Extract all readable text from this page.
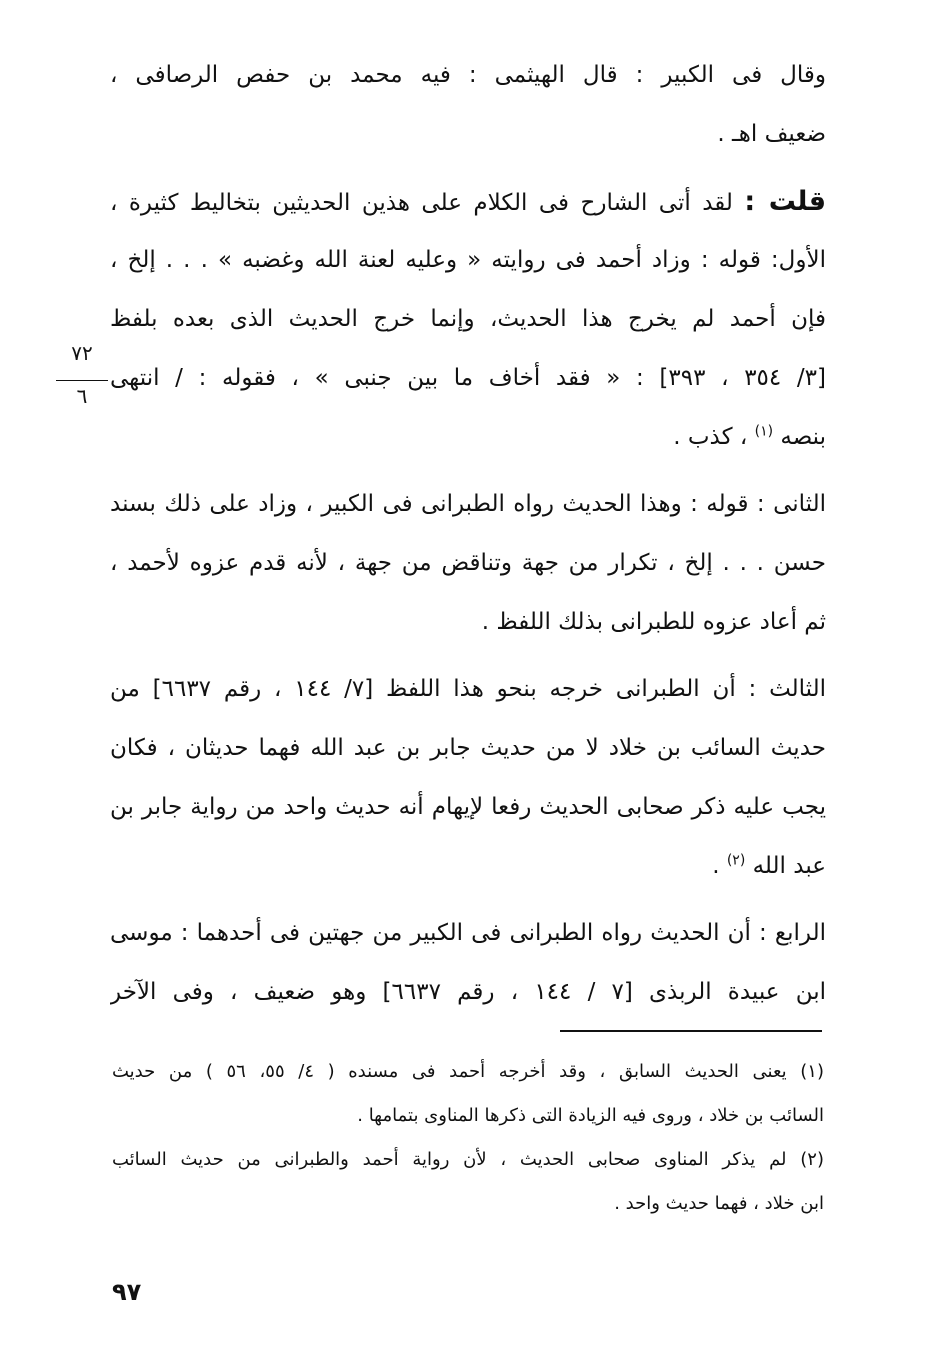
وقال فى الكبير : قال الهيثمى : فيه محمد بن حفص الرصافى ،
ضعيف اهـ .
قلت : لقد أتى الشارح فى الكلام على هذين الحديثين بتخاليط كثيرة ،
الأول: قوله : وزاد أحمد فى روايته « وعليه لعنة الله وغضبه » . . . إلخ ،
فإن أحمد لم يخرج هذا الحديث، وإنما خرج الحديث الذى بعده بلفظ
[٣/ ٣٥٤ ، ٣٩٣] : « فقد أخاف ما بين جنبى » ، فقوله : / انتهى
بنصه $^{(١)}$ ، كذب .
الثانى : قوله : وهذا الحديث رواه الطبرانى فى الكبير ، وزاد على ذلك بسند
حسن . . . إلخ ، تكرار من جهة وتناقض من جهة ، لأنه قدم عزوه لأحمد ،
ثم أعاد عزوه للطبرانى بذلك اللفظ .
الثالث : أن الطبرانى خرجه بنحو هذا اللفظ [٧/ ١٤٤ ، رقم ٦٦٣٧] من
حديث السائب بن خلاد لا من حديث جابر بن عبد الله فهما حديثان ، فكان
يجب عليه ذكر صحابى الحديث رفعا لإيهام أنه حديث واحد من رواية جابر بن
عبد الله $^{(٢)}$ .
الرابع : أن الحديث رواه الطبرانى فى الكبير من جهتين فى أحدهما : موسى
ابن عبيدة الربذى [٧ / ١٤٤ ، رقم ٦٦٣٧] وهو ضعيف ، وفى الآخر
٧٢
٦
(١) يعنى الحديث السابق ، وقد أخرجه أحمد فى مسنده ( ٤/ ٥٥، ٥٦ ) من حديث
السائب بن خلاد ، وروى فيه الزيادة التى ذكرها المناوى بتمامها .
(٢) لم يذكر المناوى صحابى الحديث ، لأن رواية أحمد والطبرانى من حديث السائب
ابن خلاد ، فهما حديث واحد .
٩٧
